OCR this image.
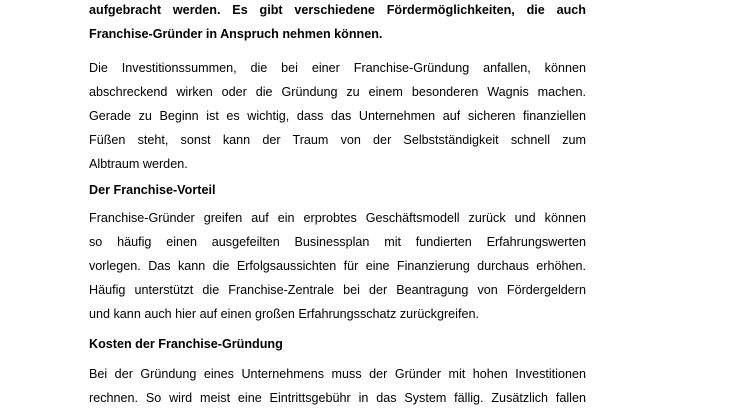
aufgebracht werden. Es gibt verschiedene Fördermöglichkeiten, die auch
Franchise-Gründer in Anspruch nehmen können.

Die Investitionssummen, die bei einer Franchise-Gründung anfallen, können
abschreckend wirken oder die Gründung zu einem besonderen Wagnis machen.
Gerade zu Beginn ist es wichtig, dass das Unternehmen auf sicheren finanziellen
Füßen steht, sonst kann der Traum von der Selbstständigkeit schnell zum
Albtraum werden.

Der Franchise-Vorteil

Franchise-Gründer greifen auf ein erprobtes Geschäftsmodell zurück und können
so häufig einen ausgefeilten Businessplan mit fundierten Erfahrungswerten
vorlegen. Das kann die Erfolgsaussichten für eine Finanzierung durchaus erhöhen.
Häufig unterstützt die Franchise-Zentrale bei der Beantragung von Fördergeldern
und kann auch hier auf einen großen Erfahrungsschatz zurückgreifen.

Kosten der Franchise-Gründung

Bei der Gründung eines Unternehmens muss der Gründer mit hohen Investitionen
rechnen. So wird meist eine Eintrittsgebühr in das System fällig. Zusätzlich fallen
